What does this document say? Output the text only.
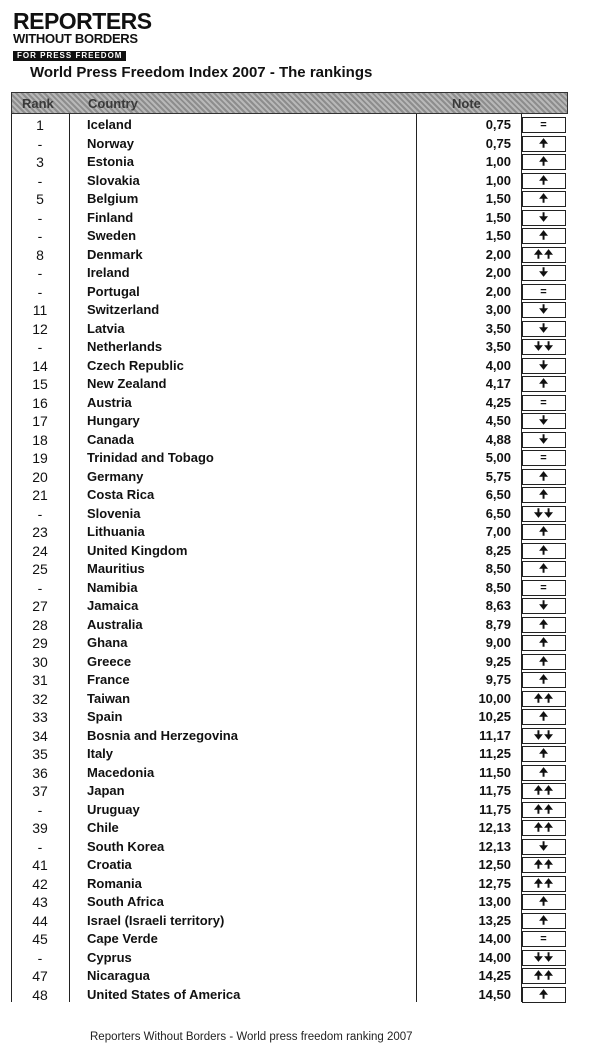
REPORTERS
WITHOUT BORDERS
FOR PRESS FREEDOM
World Press Freedom Index 2007 - The rankings
Rank	Country	Note
1	Iceland	0,75	=
-	Norway	0,75	🠉
3	Estonia	1,00	🠉
-	Slovakia	1,00	🠉
5	Belgium	1,50	🠉
-	Finland	1,50	🠋
-	Sweden	1,50	🠉
8	Denmark	2,00	🠉🠉
-	Ireland	2,00	🠋
-	Portugal	2,00	=
11	Switzerland	3,00	🠋
12	Latvia	3,50	🠋
-	Netherlands	3,50	🠋🠋
14	Czech Republic	4,00	🠋
15	New Zealand	4,17	🠉
16	Austria	4,25	=
17	Hungary	4,50	🠋
18	Canada	4,88	🠋
19	Trinidad and Tobago	5,00	=
20	Germany	5,75	🠉
21	Costa Rica	6,50	🠉
-	Slovenia	6,50	🠋🠋
23	Lithuania	7,00	🠉
24	United Kingdom	8,25	🠉
25	Mauritius	8,50	🠉
-	Namibia	8,50	=
27	Jamaica	8,63	🠋
28	Australia	8,79	🠉
29	Ghana	9,00	🠉
30	Greece	9,25	🠉
31	France	9,75	🠉
32	Taiwan	10,00	🠉🠉
33	Spain	10,25	🠉
34	Bosnia and Herzegovina	11,17	🠋🠋
35	Italy	11,25	🠉
36	Macedonia	11,50	🠉
37	Japan	11,75	🠉🠉
-	Uruguay	11,75	🠉🠉
39	Chile	12,13	🠉🠉
-	South Korea	12,13	🠋
41	Croatia	12,50	🠉🠉
42	Romania	12,75	🠉🠉
43	South Africa	13,00	🠉
44	Israel (Israeli territory)	13,25	🠉
45	Cape Verde	14,00	=
-	Cyprus	14,00	🠋🠋
47	Nicaragua	14,25	🠉🠉
48	United States of America	14,50	🠉
Reporters Without Borders - World press freedom ranking 2007
